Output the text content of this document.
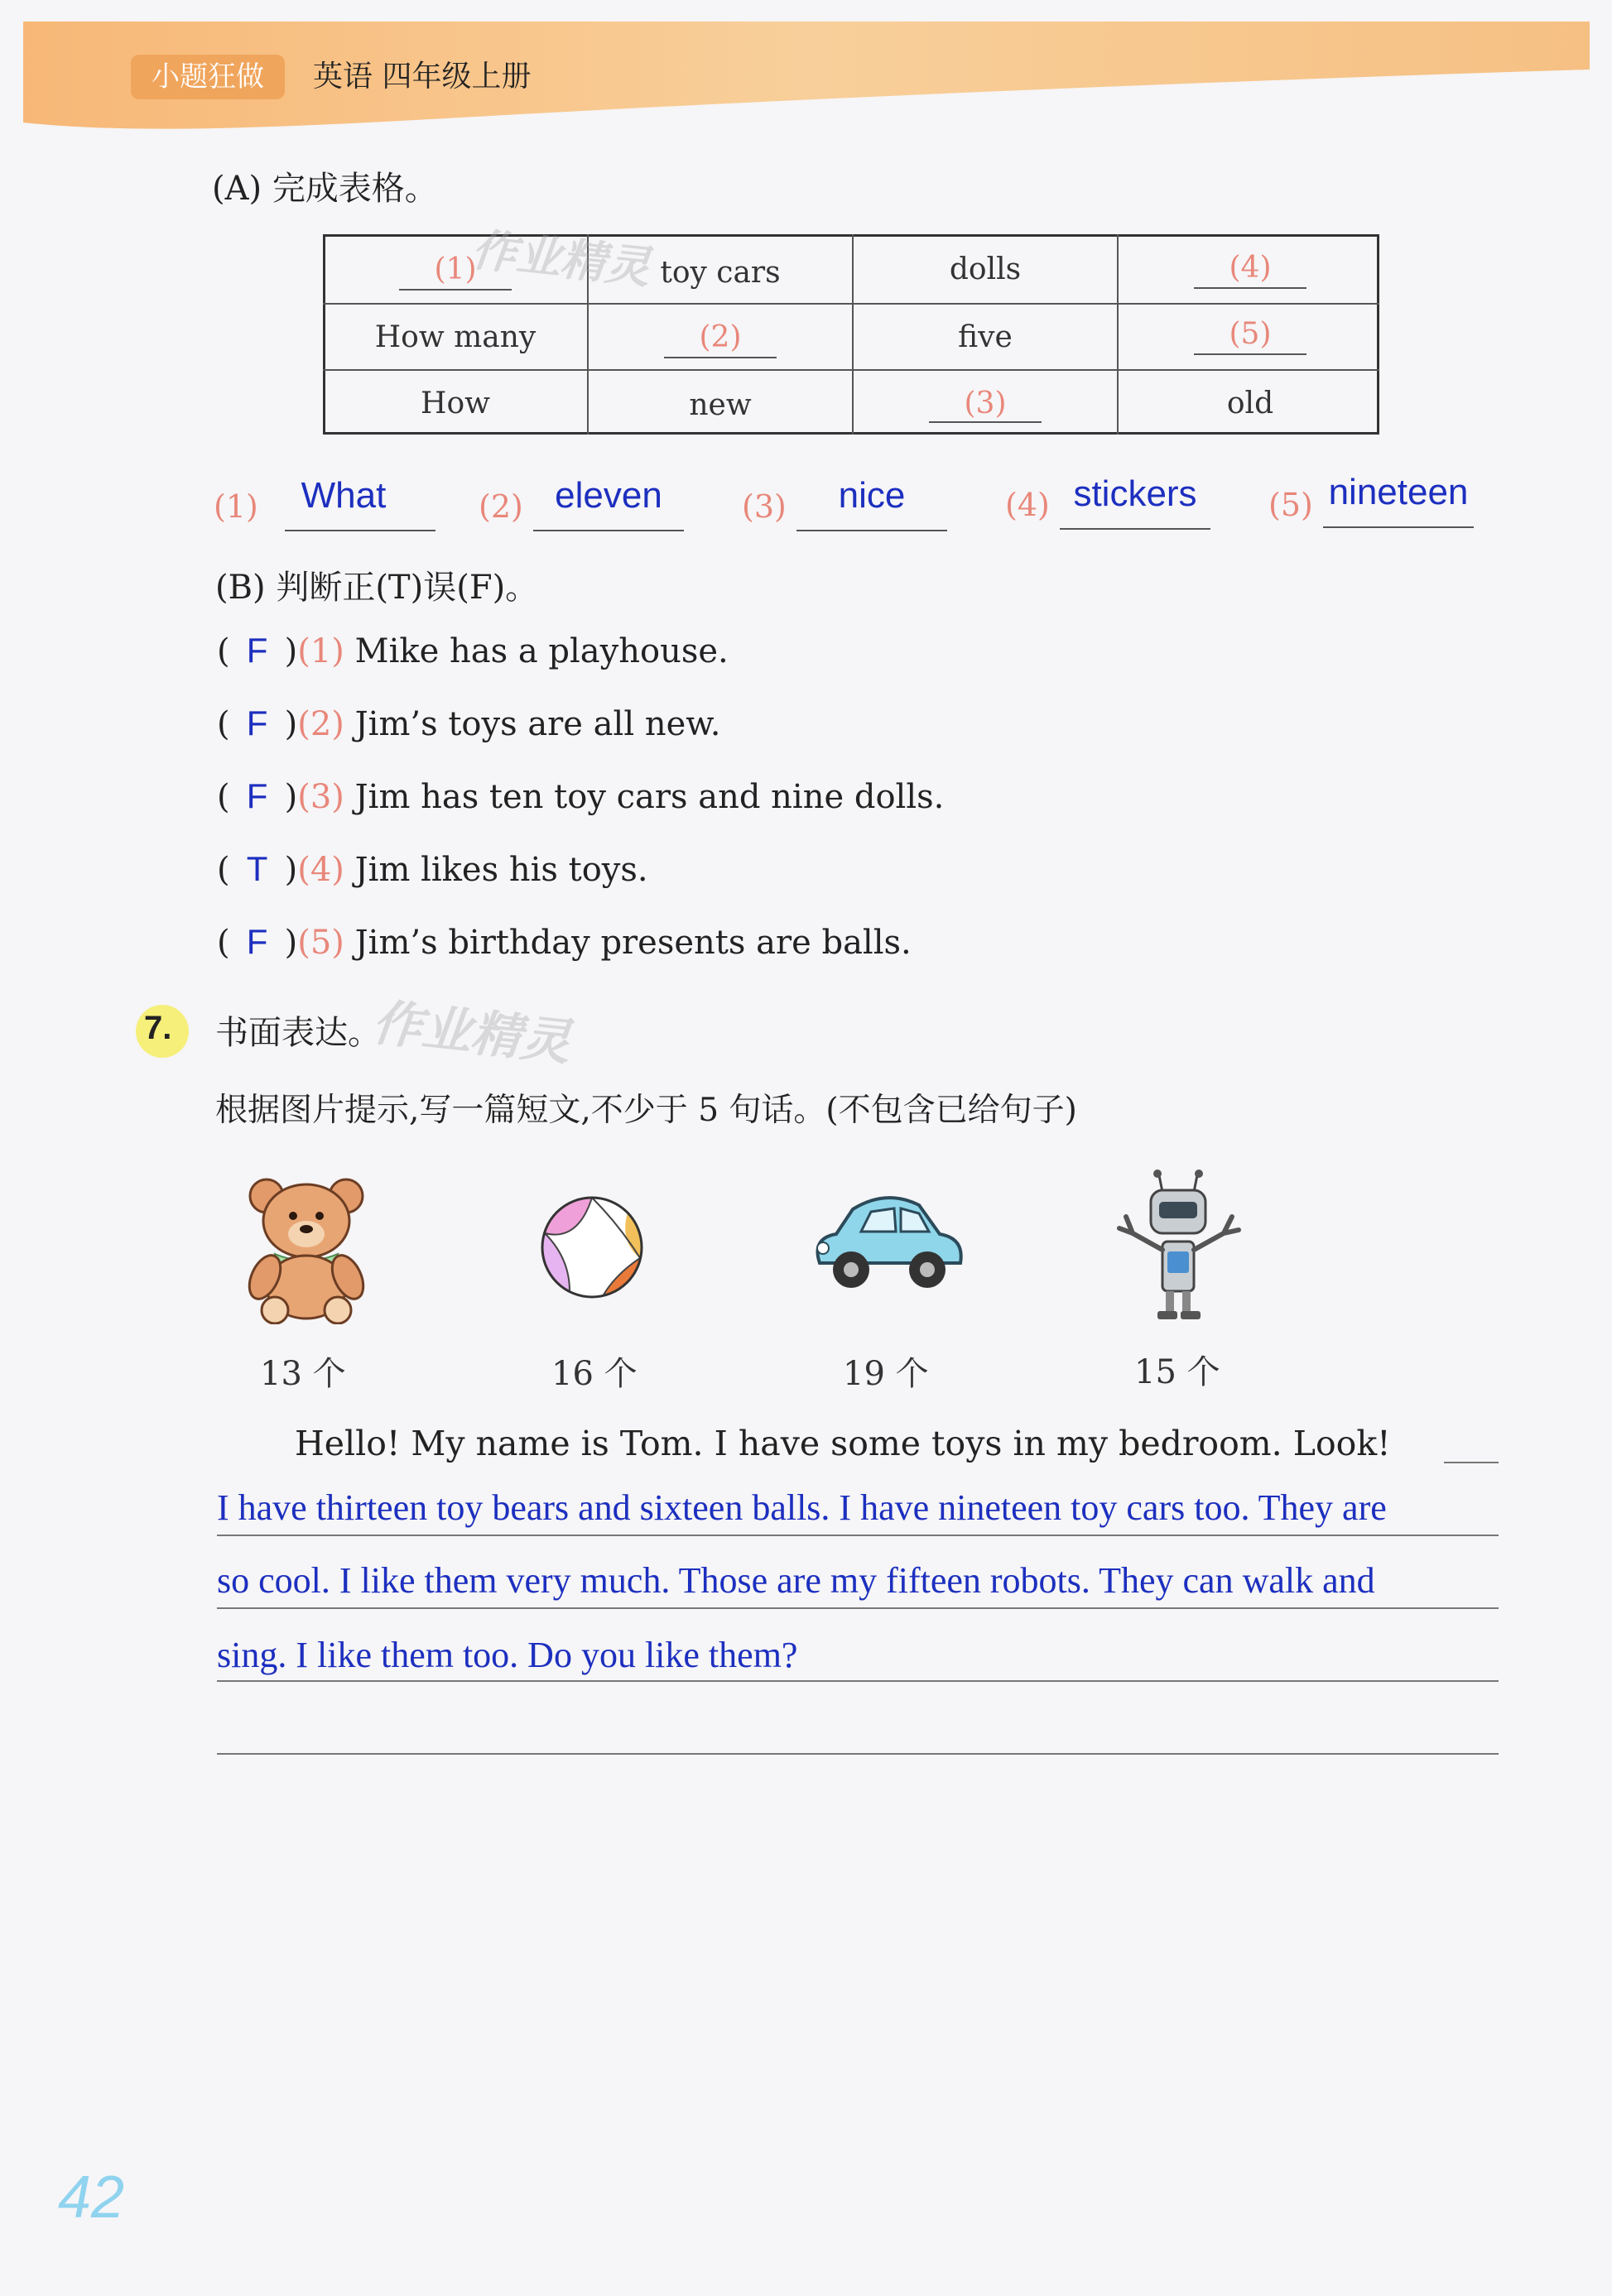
小题狂做	英语 四年级上册
(A) 完成表格。
(1)	toy cars	dolls	(4)
How many	(2)	five	(5)
How	new	(3)	old
(1)	What	(2) eleven	(3)	nice	(4) stickers	(5) nineteen
(B) 判断正(T)误(F)。
( F )(1) Mike has a playhouse.
( F )(2) Jim’s toys are all new.
( F )(3) Jim has ten toy cars and nine dolls.
( T )(4) Jim likes his toys.
( F )(5) Jim’s birthday presents are balls.
7. 书面表达。
根据图片提示,写一篇短文,不少于 5 句话。(不包含已给句子)
13 个	16 个	19 个	15 个
Hello! My name is Tom. I have some toys in my bedroom. Look!
I have thirteen toy bears and sixteen balls. I have nineteen toy cars too. They are
so cool. I like them very much. Those are my fifteen robots. They can walk and
sing. I like them too. Do you like them?
作业精灵
作业精灵
42
